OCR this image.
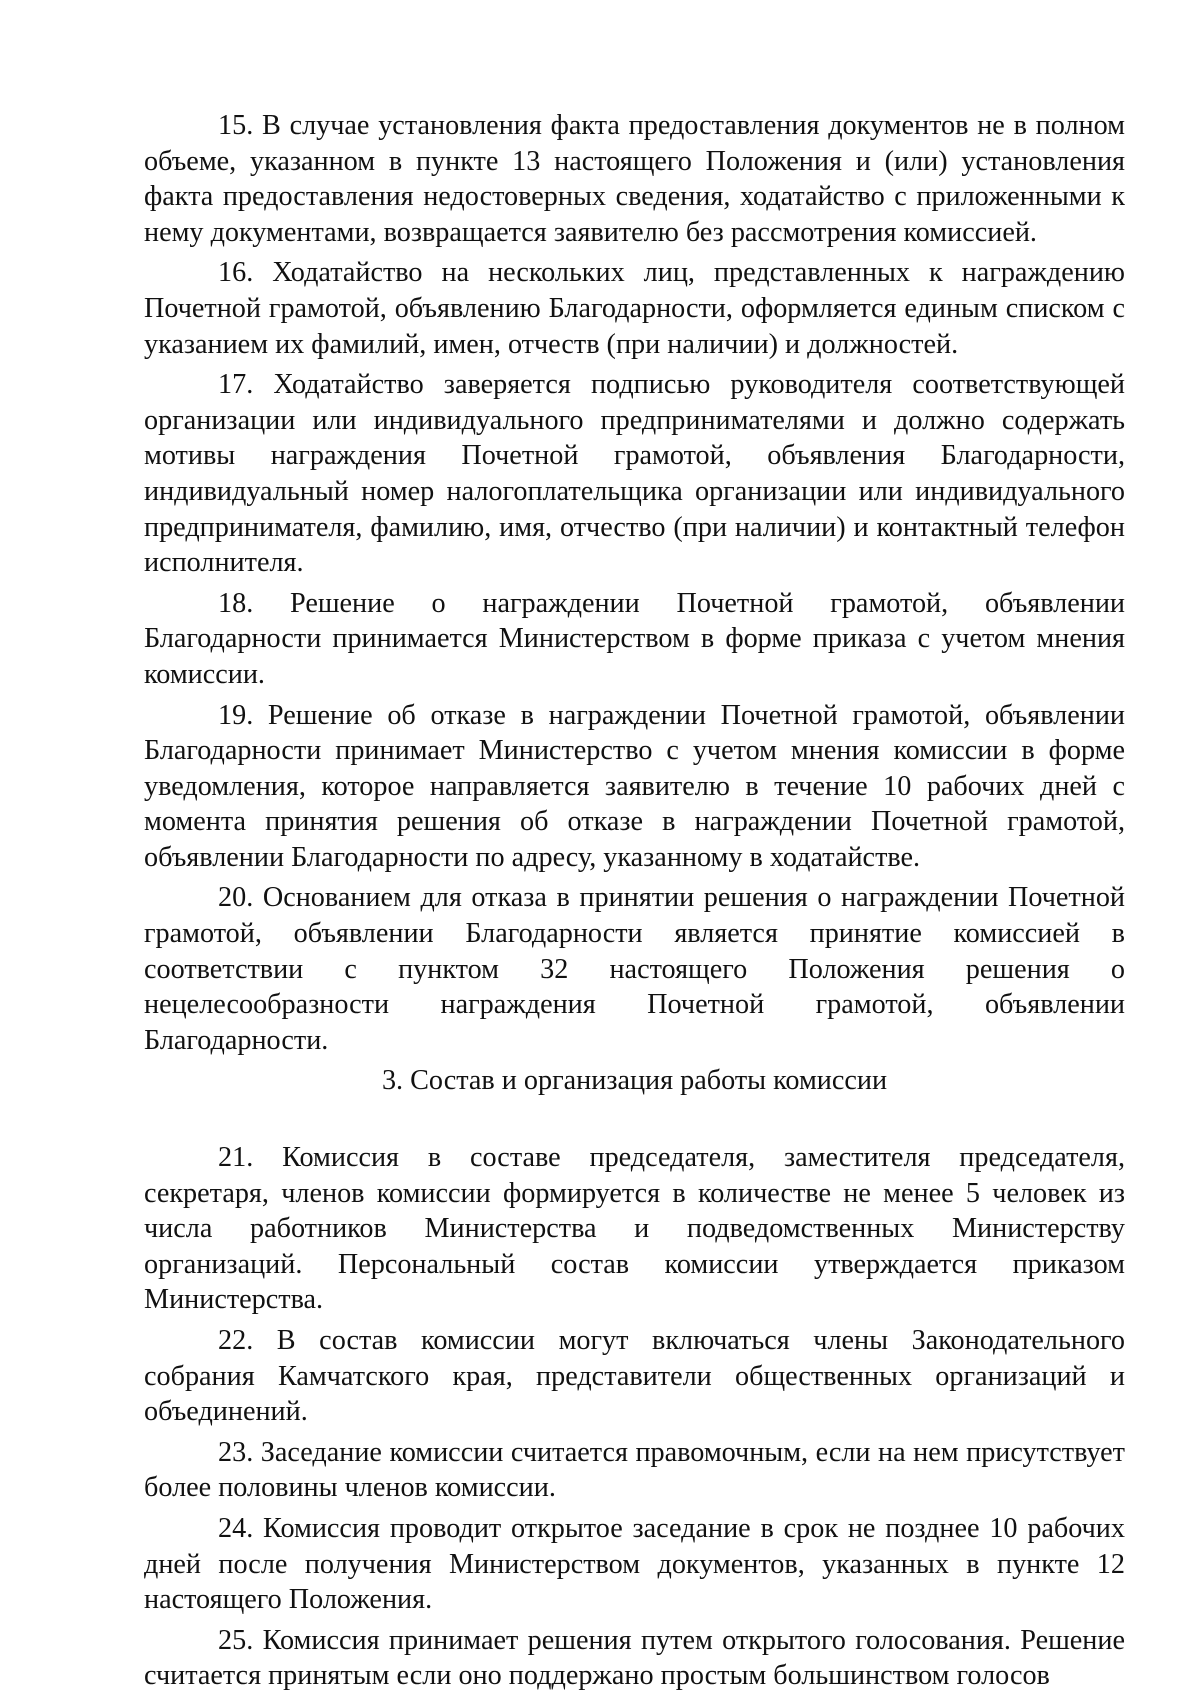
15. В случае установления факта предоставления документов не в полном объеме, указанном в пункте 13 настоящего Положения и (или) установления факта предоставления недостоверных сведения, ходатайство с приложенными к нему документами, возвращается заявителю без рассмотрения комиссией.

16. Ходатайство на нескольких лиц, представленных к награждению Почетной грамотой, объявлению Благодарности, оформляется единым списком с указанием их фамилий, имен, отчеств (при наличии) и должностей.

17. Ходатайство заверяется подписью руководителя соответствующей организации или индивидуального предпринимателями и должно содержать мотивы награждения Почетной грамотой, объявления Благодарности, индивидуальный номер налогоплательщика организации или индивидуального предпринимателя, фамилию, имя, отчество (при наличии) и контактный телефон исполнителя.

18. Решение о награждении Почетной грамотой, объявлении Благодарности принимается Министерством в форме приказа с учетом мнения комиссии.

19. Решение об отказе в награждении Почетной грамотой, объявлении Благодарности принимает Министерство с учетом мнения комиссии в форме уведомления, которое направляется заявителю в течение 10 рабочих дней с момента принятия решения об отказе в награждении Почетной грамотой, объявлении Благодарности по адресу, указанному в ходатайстве.

20. Основанием для отказа в принятии решения о награждении Почетной грамотой, объявлении Благодарности является принятие комиссией в соответствии с пунктом 32 настоящего Положения решения о нецелесообразности награждения Почетной грамотой, объявлении Благодарности.

3. Состав и организация работы комиссии

21. Комиссия в составе председателя, заместителя председателя, секретаря, членов комиссии формируется в количестве не менее 5 человек из числа работников Министерства и подведомственных Министерству организаций. Персональный состав комиссии утверждается приказом Министерства.

22. В состав комиссии могут включаться члены Законодательного собрания Камчатского края, представители общественных организаций и объединений.

23. Заседание комиссии считается правомочным, если на нем присутствует более половины членов комиссии.

24. Комиссия проводит открытое заседание в срок не позднее 10 рабочих дней после получения Министерством документов, указанных в пункте 12 настоящего Положения.

25. Комиссия принимает решения путем открытого голосования. Решение считается принятым если оно поддержано простым большинством голосов
